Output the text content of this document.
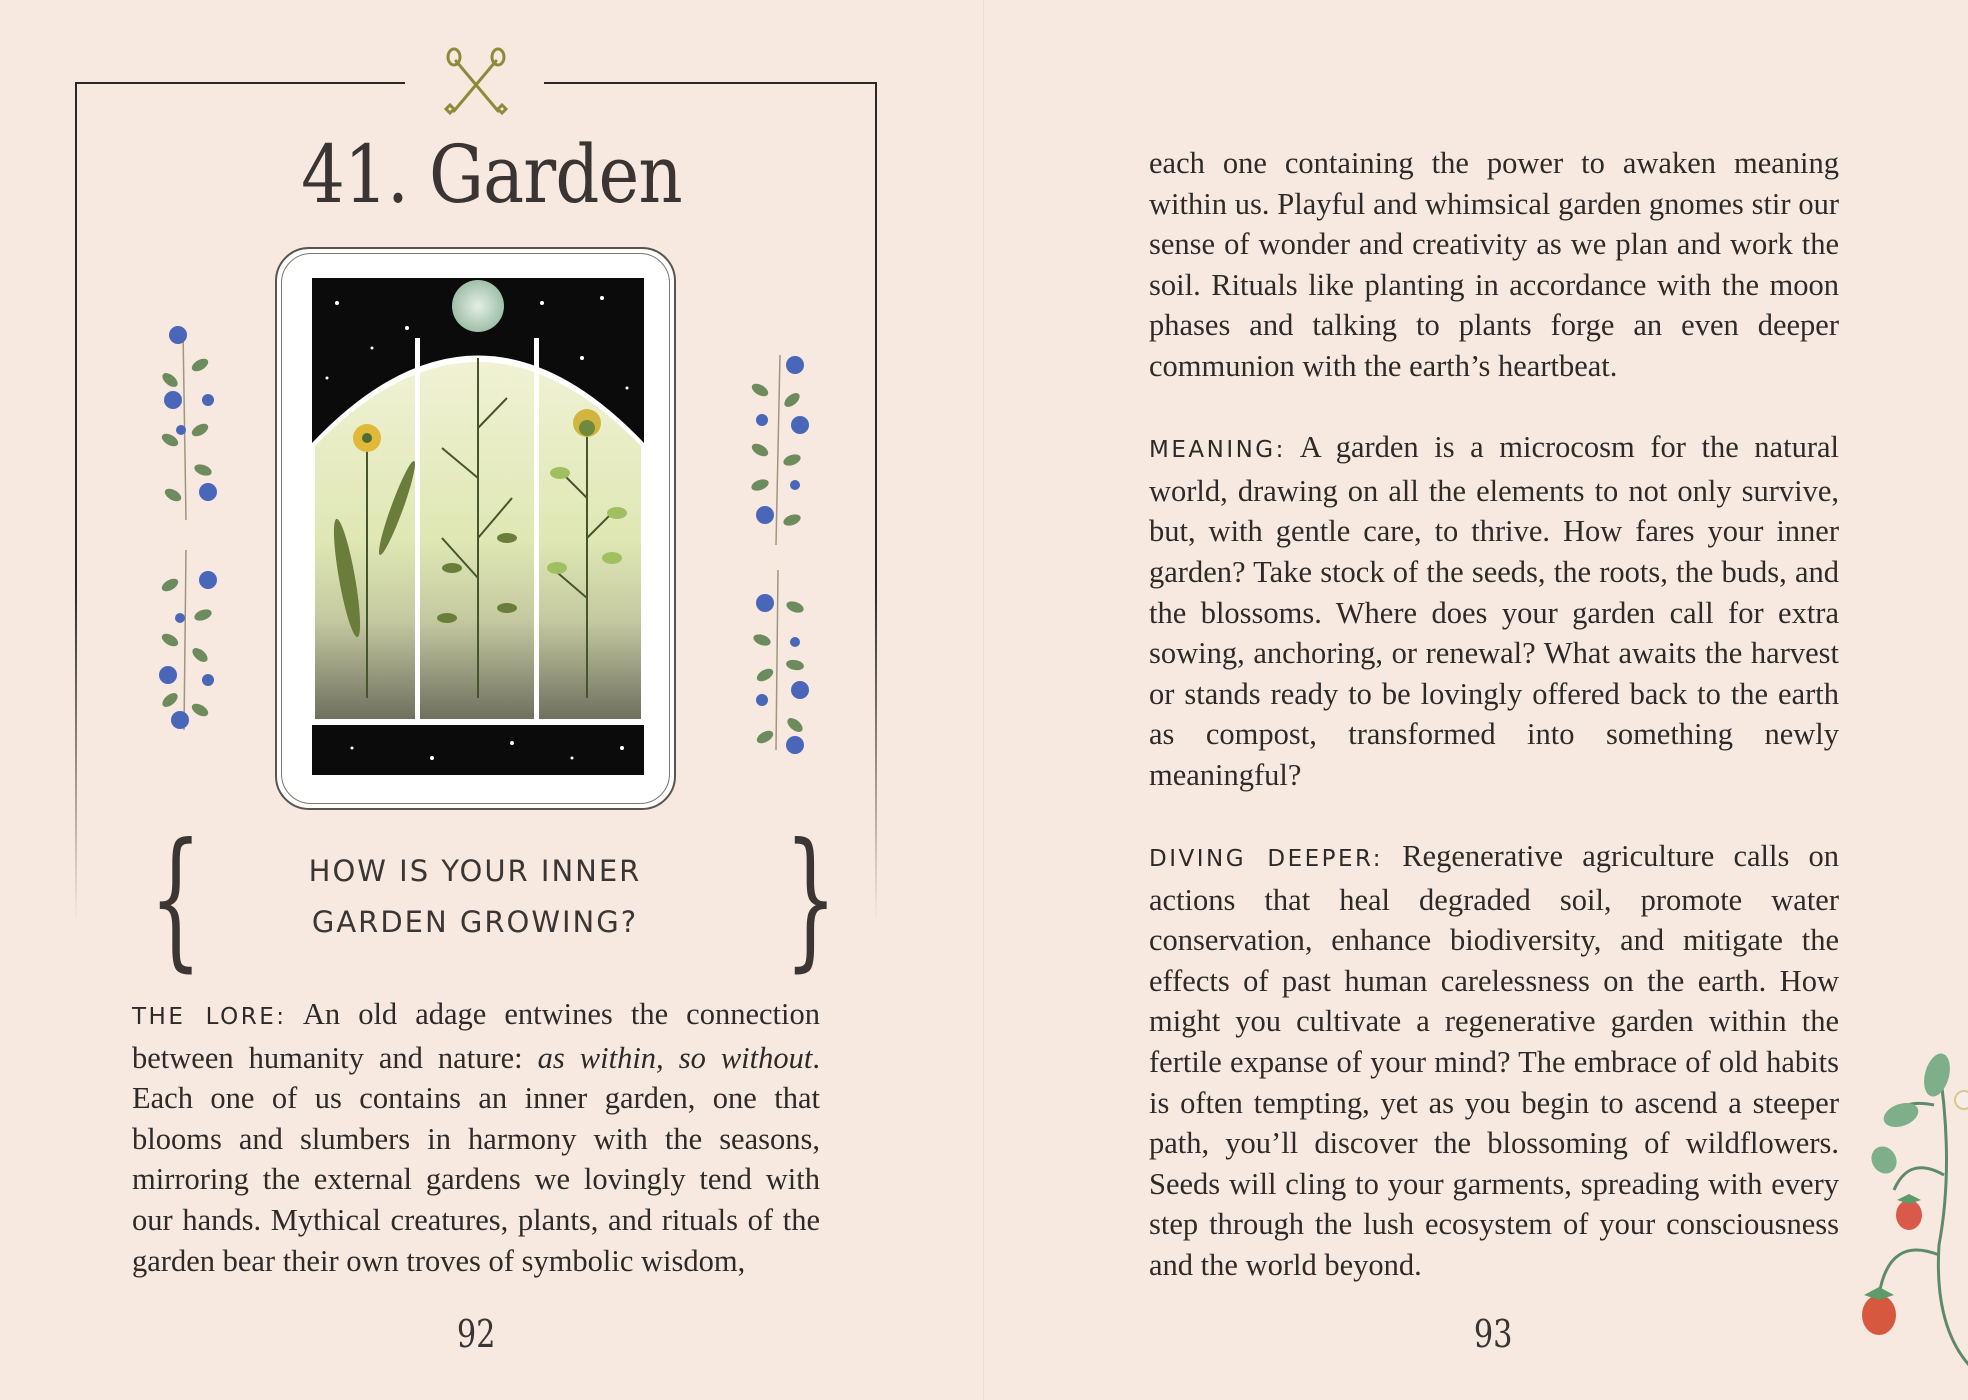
41. Garden
{	HOW IS YOUR INNER
GARDEN GROWING? }

THE LORE: An old adage entwines the connection between humanity and nature: as within, so without. Each one of us contains an inner garden, one that blooms and slumbers in harmony with the seasons, mirroring the external gardens we lovingly tend with our hands. Mythical creatures, plants, and rituals of the garden bear their own troves of symbolic wisdom,

92

each one containing the power to awaken meaning within us. Playful and whimsical garden gnomes stir our sense of wonder and creativity as we plan and work the soil. Rituals like planting in accordance with the moon phases and talking to plants forge an even deeper communion with the earth’s heartbeat.

MEANING: A garden is a microcosm for the natural world, drawing on all the elements to not only survive, but, with gentle care, to thrive. How fares your inner garden? Take stock of the seeds, the roots, the buds, and the blossoms. Where does your garden call for extra sowing, anchoring, or renewal? What awaits the harvest or stands ready to be lovingly offered back to the earth as compost, transformed into something newly meaningful?

DIVING DEEPER: Regenerative agriculture calls on actions that heal degraded soil, promote water conservation, enhance biodiversity, and mitigate the effects of past human carelessness on the earth. How might you cultivate a regenerative garden within the fertile expanse of your mind? The embrace of old habits is often tempting, yet as you begin to ascend a steeper path, you’ll discover the blossoming of wildflowers. Seeds will cling to your garments, spreading with every step through the lush ecosystem of your consciousness and the world beyond.

93
